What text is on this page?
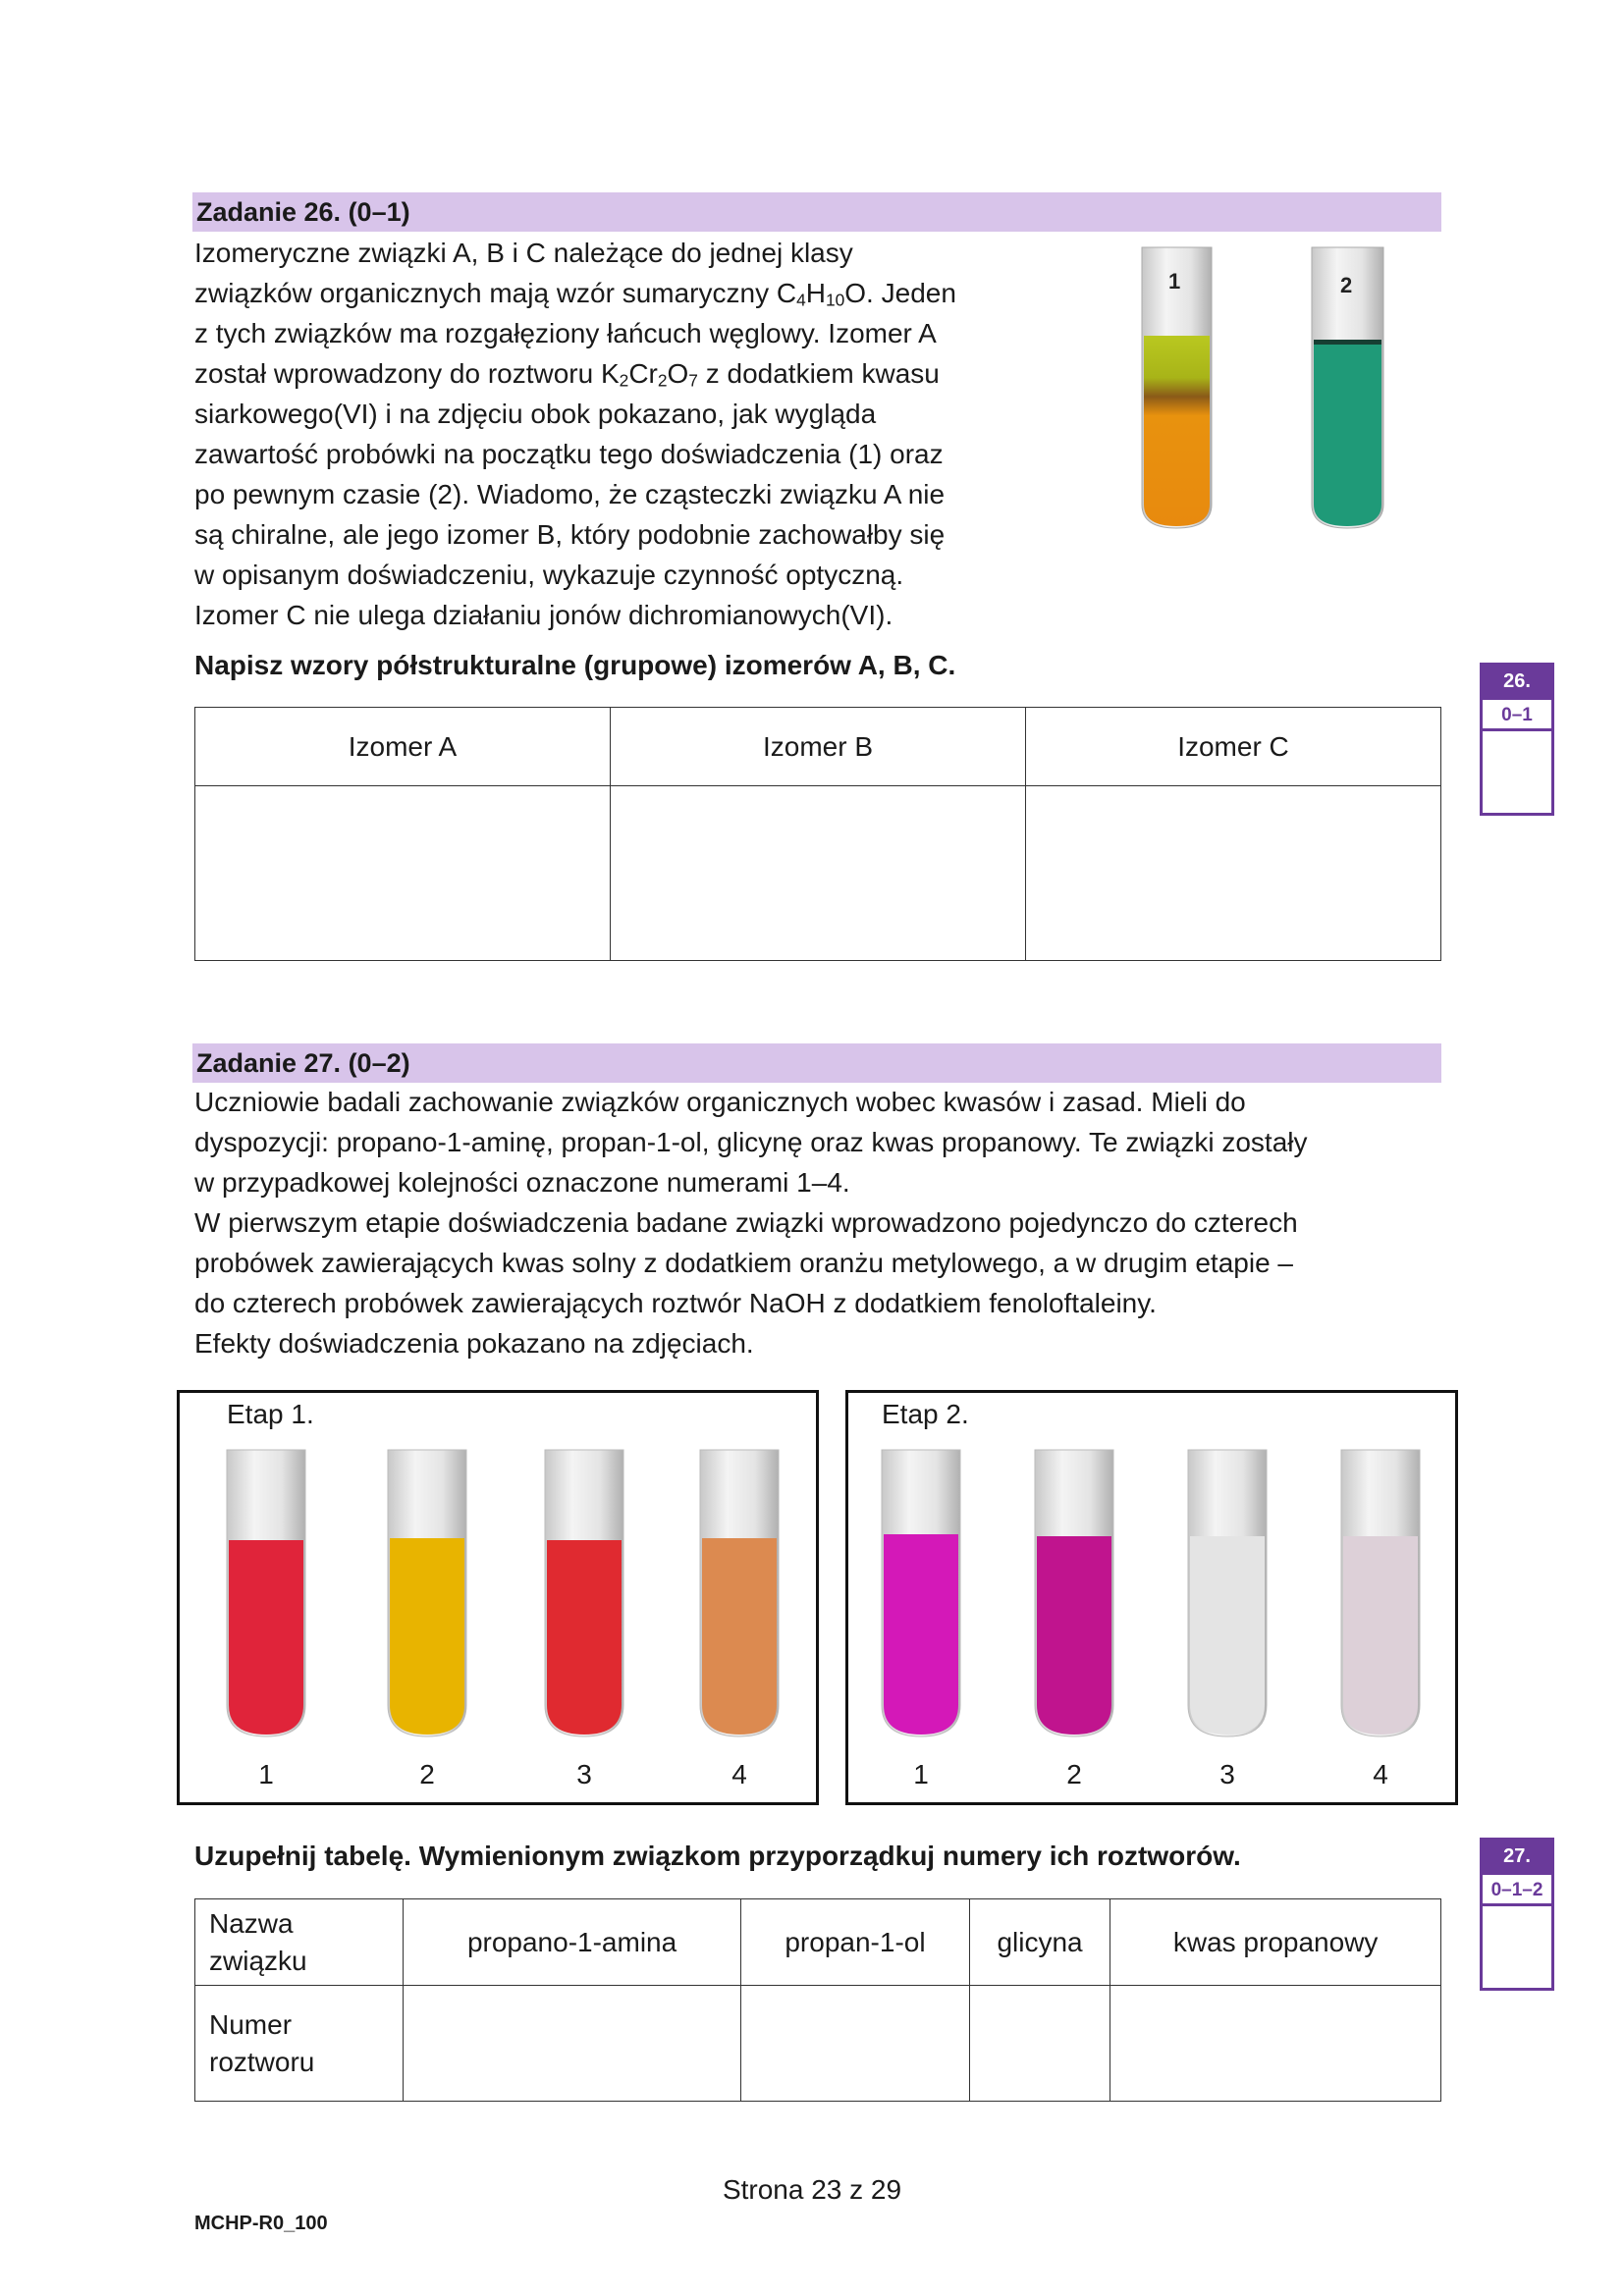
Zadanie 26. (0–1)
Izomeryczne związki A, B i C należące do jednej klasy
związków organicznych mają wzór sumaryczny $C_4H_{10}O$. Jeden
z tych związków ma rozgałęziony łańcuch węglowy. Izomer A
został wprowadzony do roztworu $K_2Cr_2O_7$ z dodatkiem kwasu
siarkowego(VI) i na zdjęciu obok pokazano, jak wygląda
zawartość probówki na początku tego doświadczenia (1) oraz
po pewnym czasie (2). Wiadomo, że cząsteczki związku A nie
są chiralne, ale jego izomer B, który podobnie zachowałby się
w opisanym doświadczeniu, wykazuje czynność optyczną.
Izomer C nie ulega działaniu jonów dichromianowych(VI).
1	2
Napisz wzory półstrukturalne (grupowe) izomerów A, B, C.
Izomer A	Izomer B	Izomer C

26.
0–1
Zadanie 27. (0–2)
Uczniowie badali zachowanie związków organicznych wobec kwasów i zasad. Mieli do
dyspozycji: propano-1-aminę, propan-1-ol, glicynę oraz kwas propanowy. Te związki zostały
w przypadkowej kolejności oznaczone numerami 1–4.
W pierwszym etapie doświadczenia badane związki wprowadzono pojedynczo do czterech
probówek zawierających kwas solny z dodatkiem oranżu metylowego, a w drugim etapie –
do czterech probówek zawierających roztwór NaOH z dodatkiem fenoloftaleiny.
Efekty doświadczenia pokazano na zdjęciach.
Etap 1.
1	2	3	4
Etap 2.
1	2	3	4
Uzupełnij tabelę. Wymienionym związkom przyporządkuj numery ich roztworów.
Nazwa
związku	propano-1-amina	propan-1-ol	glicyna	kwas propanowy
Numer
roztworu				
27.
0–1–2
Strona 23 z 29
MCHP-R0_100
